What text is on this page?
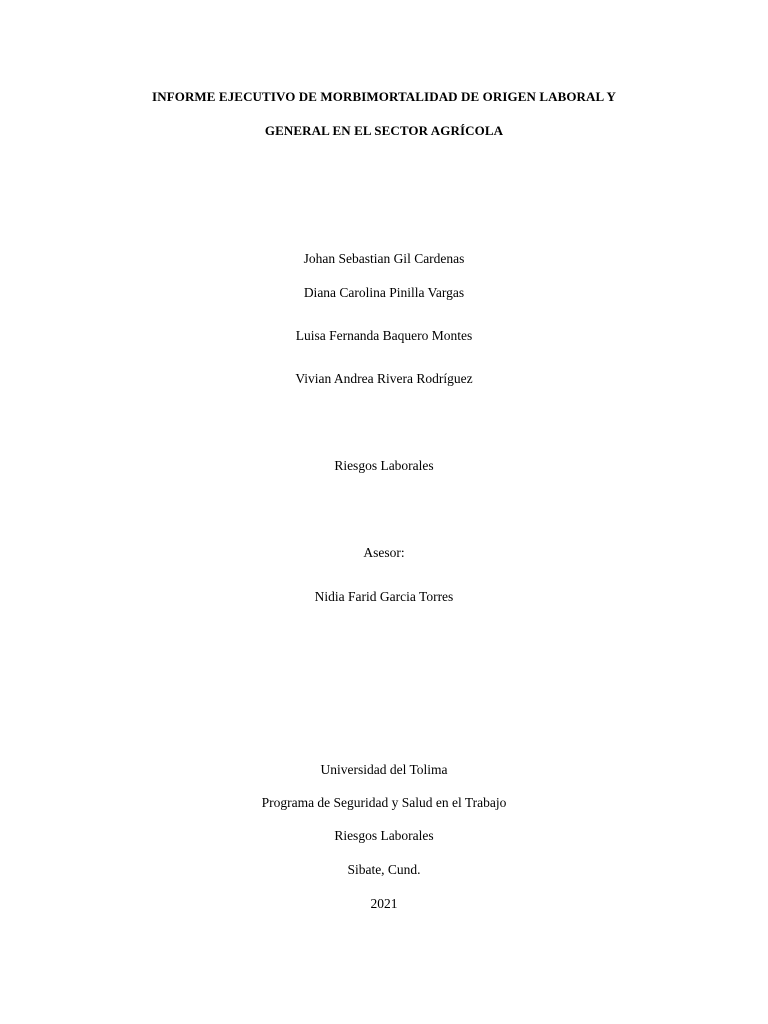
INFORME EJECUTIVO DE MORBIMORTALIDAD DE ORIGEN LABORAL Y
GENERAL EN EL SECTOR AGRÍCOLA
Johan Sebastian Gil Cardenas
Diana Carolina Pinilla Vargas
Luisa Fernanda Baquero Montes
Vivian Andrea Rivera Rodríguez
Riesgos Laborales
Asesor:
Nidia Farid Garcia Torres
Universidad del Tolima
Programa de Seguridad y Salud en el Trabajo
Riesgos Laborales
Sibate, Cund.
2021
